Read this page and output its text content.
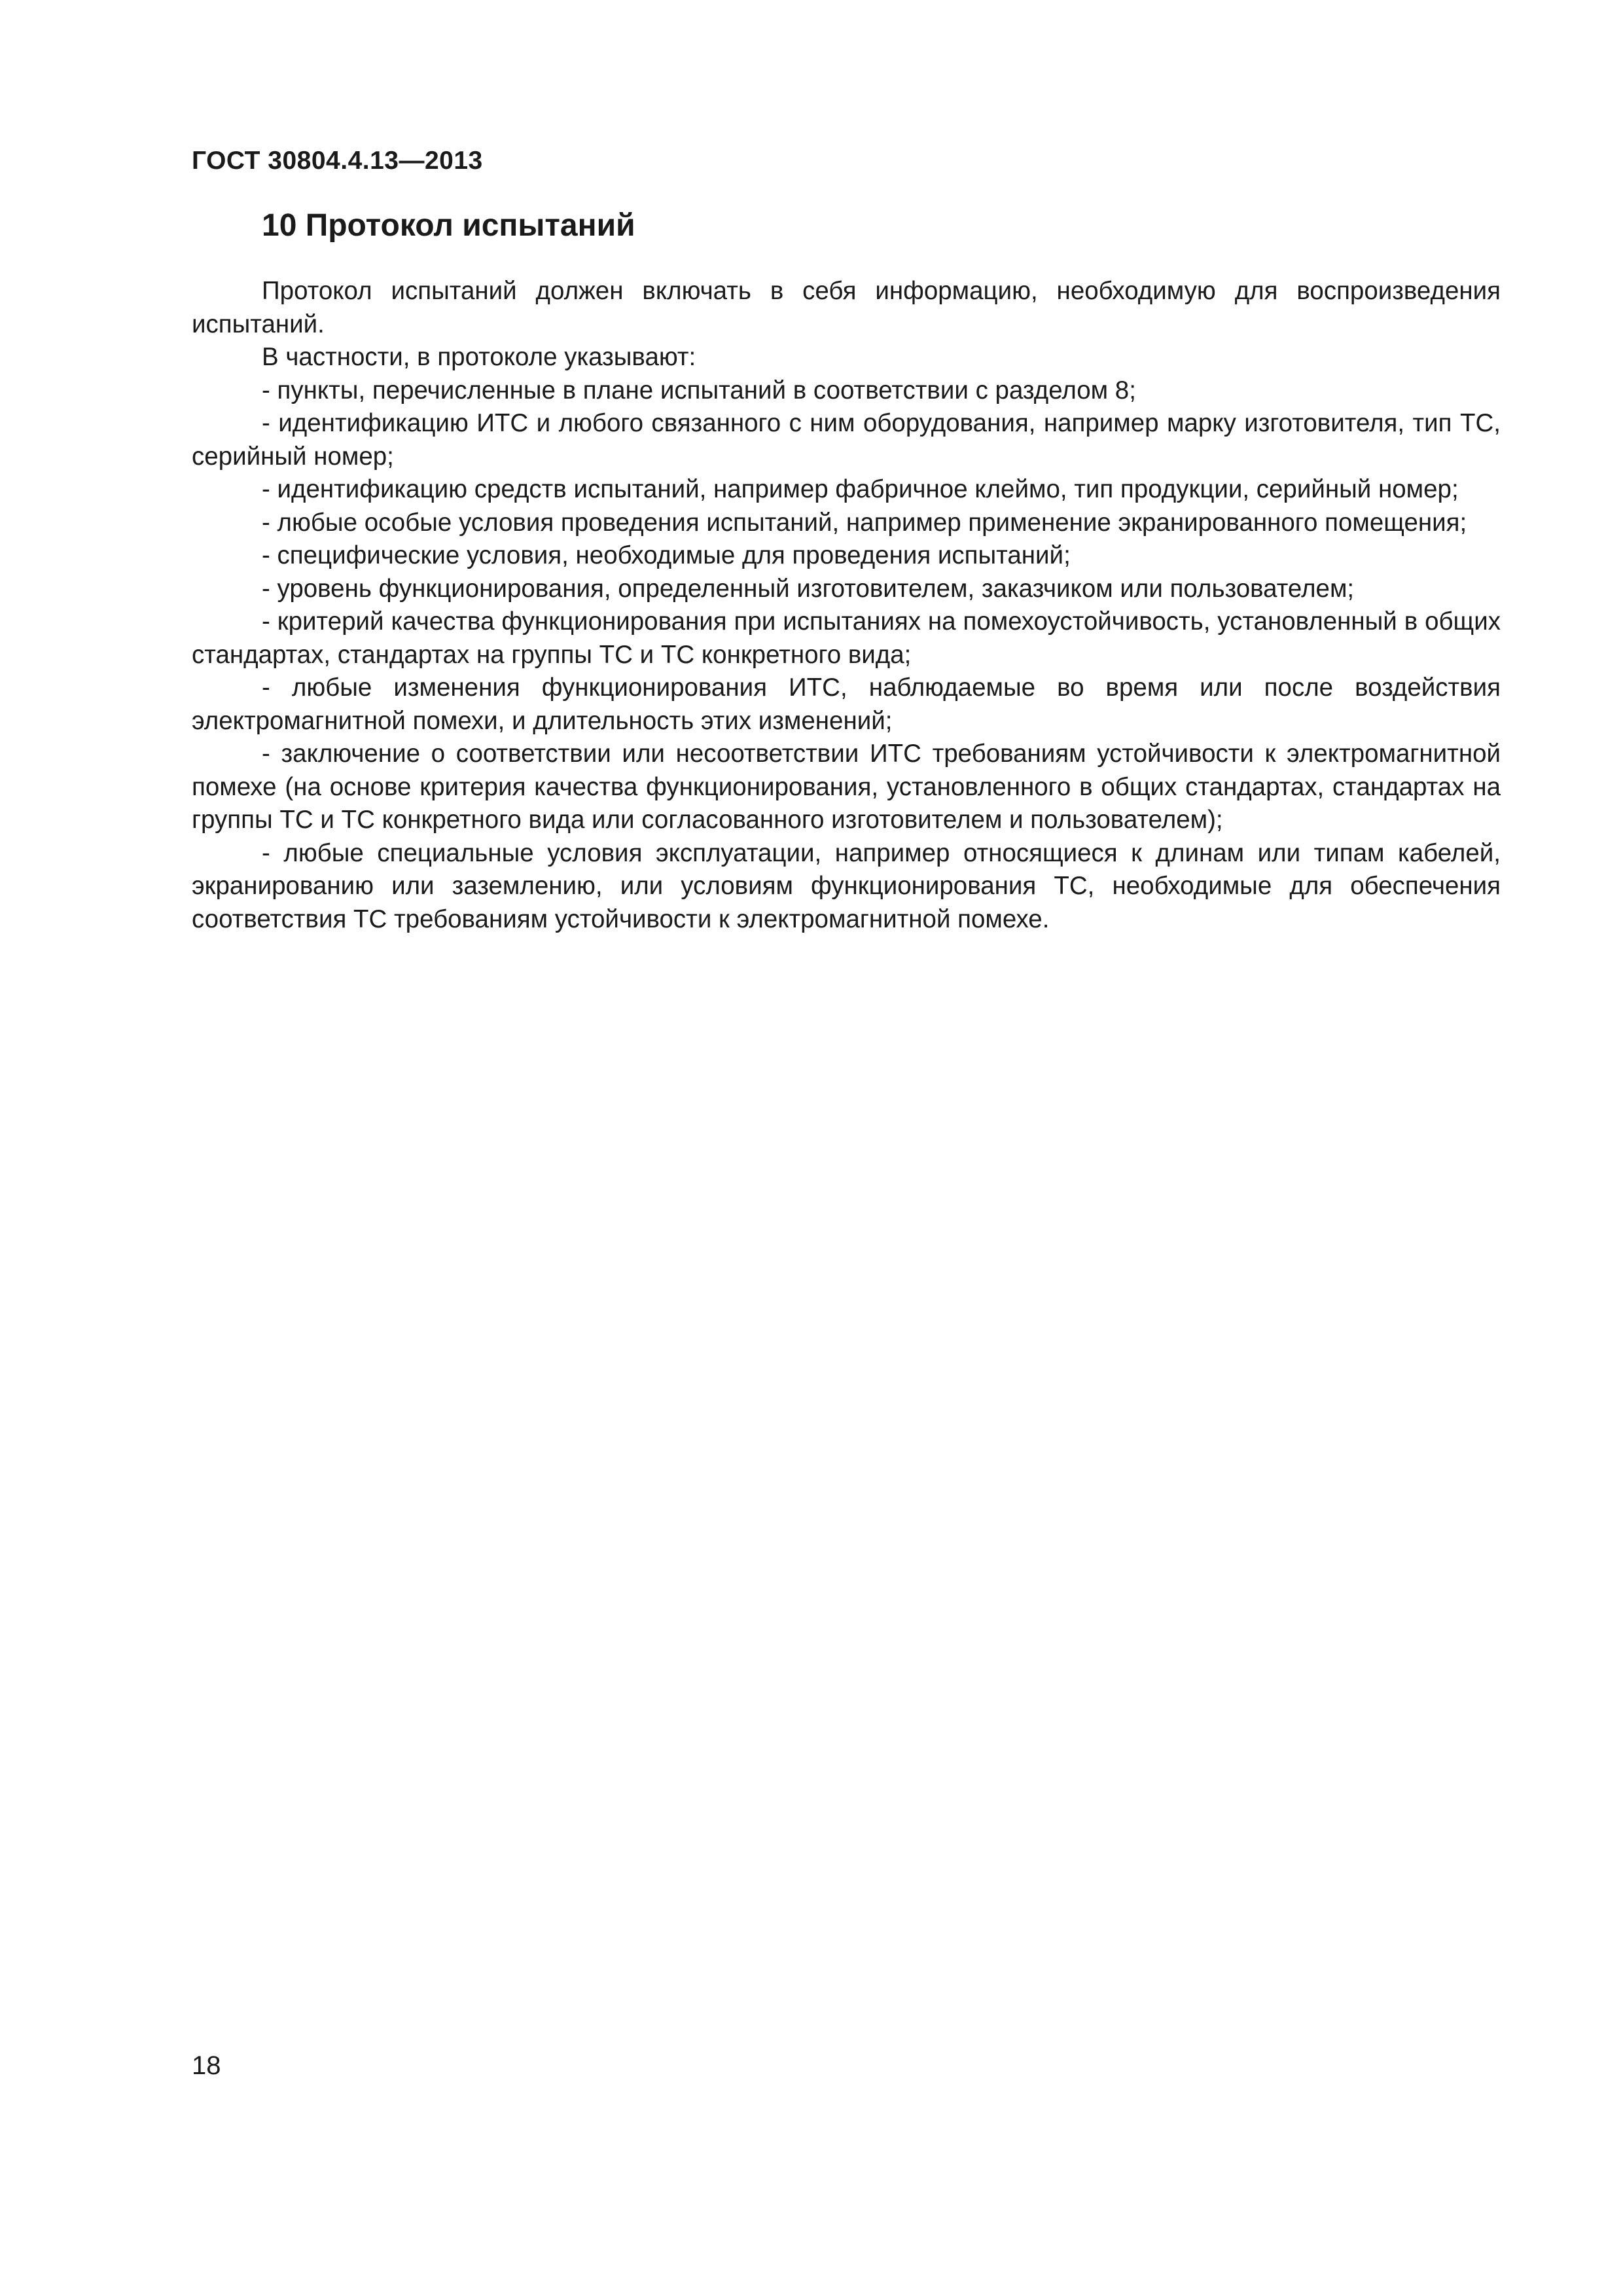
ГОСТ 30804.4.13—2013
10 Протокол испытаний

Протокол испытаний должен включать в себя информацию, необходимую для воспроизведения испытаний.

В частности, в протоколе указывают:

- пункты, перечисленные в плане испытаний в соответствии с разделом 8;

- идентификацию ИТС и любого связанного с ним оборудования, например марку изготовителя, тип ТС, серийный номер;

- идентификацию средств испытаний, например фабричное клеймо, тип продукции, серийный номер;

- любые особые условия проведения испытаний, например применение экранированного помещения;

- специфические условия, необходимые для проведения испытаний;

- уровень функционирования, определенный изготовителем, заказчиком или пользователем;

- критерий качества функционирования при испытаниях на помехоустойчивость, установленный в общих стандартах, стандартах на группы ТС и ТС конкретного вида;

- любые изменения функционирования ИТС, наблюдаемые во время или после воздействия электромагнитной помехи, и длительность этих изменений;

- заключение о соответствии или несоответствии ИТС требованиям устойчивости к электромагнитной помехе (на основе критерия качества функционирования, установленного в общих стандартах, стандартах на группы ТС и ТС конкретного вида или согласованного изготовителем и пользователем);

- любые специальные условия эксплуатации, например относящиеся к длинам или типам кабелей, экранированию или заземлению, или условиям функционирования ТС, необходимые для обеспечения соответствия ТС требованиям устойчивости к электромагнитной помехе.

18
